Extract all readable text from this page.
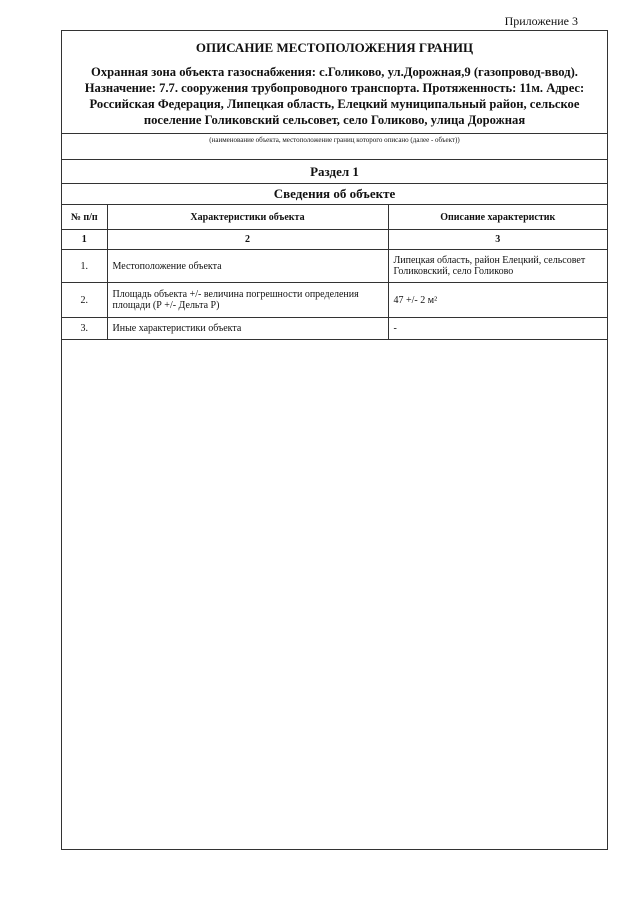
Приложение 3
ОПИСАНИЕ МЕСТОПОЛОЖЕНИЯ ГРАНИЦ
Охранная зона объекта газоснабжения: с.Голиково, ул.Дорожная,9 (газопровод-ввод). Назначение: 7.7. сооружения трубопроводного транспорта. Протяженность: 11м. Адрес: Российская Федерация, Липецкая область, Елецкий муниципальный район, сельское поселение Голиковский сельсовет, село Голиково, улица Дорожная
(наименование объекта, местоположение границ которого описано (далее - объект))
Раздел 1
Сведения об объекте
№ п/п	Характеристики объекта	Описание характеристик
1	2	3
1.	Местоположение объекта	Липецкая область, район Елецкий, сельсовет Голиковский, село Голиково
2.	Площадь объекта +/- величина погрешности определения площади (Р +/- Дельта Р)	47 +/- 2 м²
3.	Иные характеристики объекта	-
